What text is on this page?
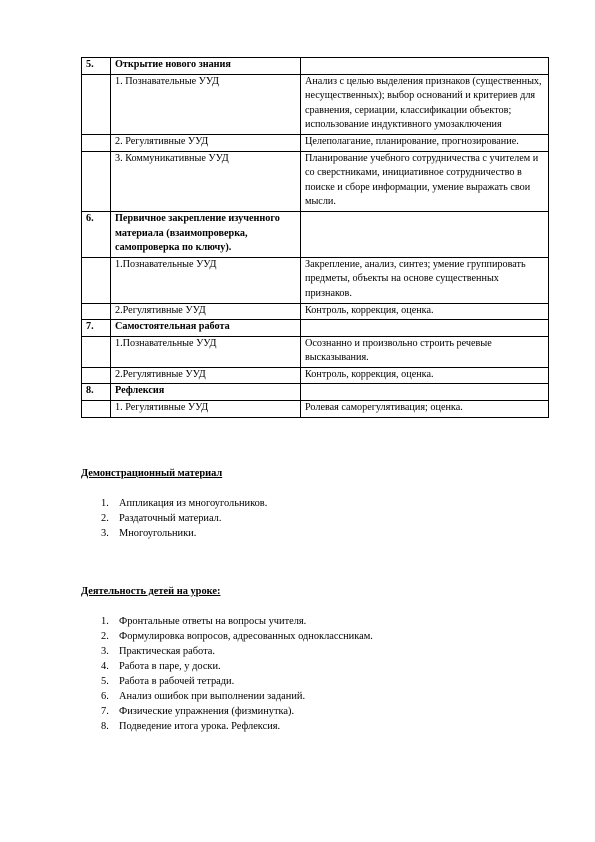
5.	Открытие нового знания	
	1. Познавательные УУД	Анализ с целью выделения признаков (существенных, несущественных); выбор оснований и критериев для сравнения, сериации, классификации объектов; использование индуктивного умозаключения
	2. Регулятивные УУД	Целеполагание, планирование, прогнозирование.
	3. Коммуникативные УУД	Планирование учебного сотрудничества с учителем и со сверстниками, инициативное сотрудничество в поиске и сборе информации, умение выражать свои мысли.
6.	Первичное закрепление изученного материала (взаимопроверка, самопроверка по ключу).	
	1.Познавательные УУД	Закрепление, анализ, синтез; умение группировать предметы, объекты на основе существенных признаков.
	2.Регулятивные УУД	Контроль, коррекция, оценка.
7.	Самостоятельная работа	
	1.Познавательные УУД	Осознанно и произвольно строить речевые высказывания.
	2.Регулятивные УУД	Контроль, коррекция, оценка.
8.	Рефлексия	
	1. Регулятивные УУД	Ролевая саморегулятивация; оценка.
Демонстрационный материал
1. Аппликация из многоугольников.
2. Раздаточный материал.
3. Многоугольники.
Деятельность детей на уроке:
1. Фронтальные ответы на вопросы учителя.
2. Формулировка вопросов, адресованных одноклассникам.
3. Практическая работа.
4. Работа в паре, у доски.
5. Работа в рабочей тетради.
6. Анализ ошибок при выполнении заданий.
7. Физические упражнения (физминутка).
8. Подведение итога урока. Рефлексия.
